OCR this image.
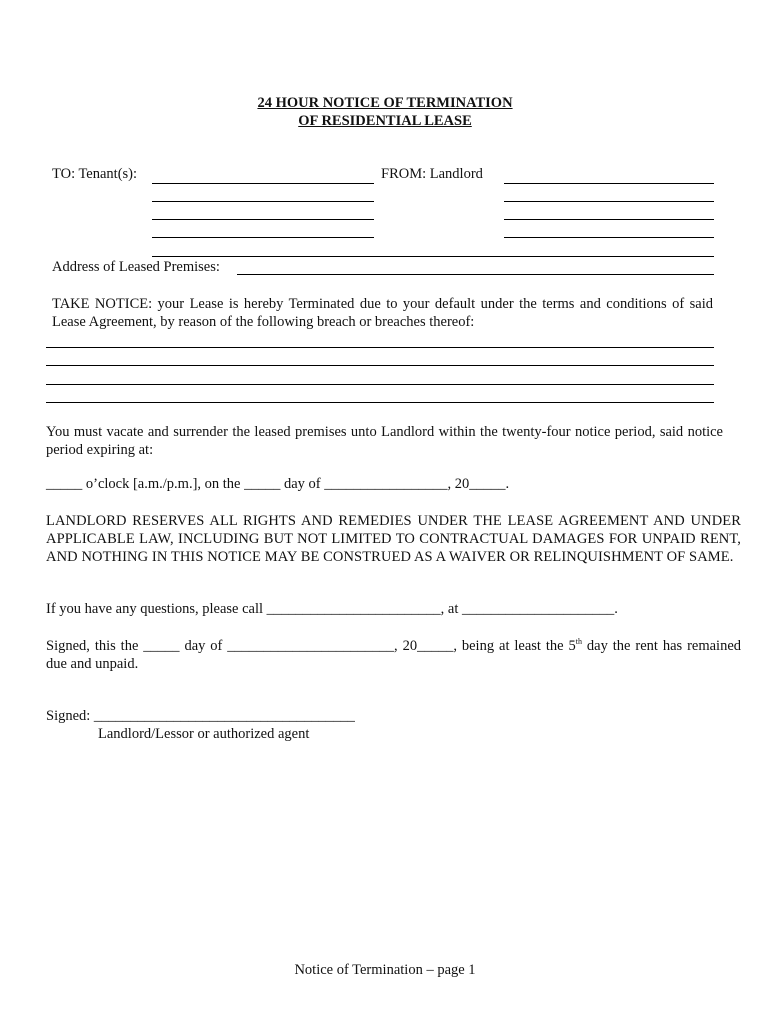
24 HOUR NOTICE OF TERMINATION
OF RESIDENTIAL LEASE
TO: Tenant(s):	FROM: Landlord
Address of Leased Premises:
TAKE NOTICE: your Lease is hereby Terminated due to your default under the terms and conditions of said Lease Agreement, by reason of the following breach or breaches thereof:
You must vacate and surrender the leased premises unto Landlord within the twenty-four notice period, said notice period expiring at:
_____ o’clock [a.m./p.m.], on the _____ day of _________________, 20_____.
LANDLORD RESERVES ALL RIGHTS AND REMEDIES UNDER THE LEASE AGREEMENT AND UNDER APPLICABLE LAW, INCLUDING BUT NOT LIMITED TO CONTRACTUAL DAMAGES FOR UNPAID RENT, AND NOTHING IN THIS NOTICE MAY BE CONSTRUED AS A WAIVER OR RELINQUISHMENT OF SAME.
If you have any questions, please call ________________________, at _____________________.
Signed, this the _____ day of _______________________, 20_____, being at least the 5th day the rent has remained due and unpaid.
Signed: ____________________________________
Landlord/Lessor or authorized agent
Notice of Termination – page 1
